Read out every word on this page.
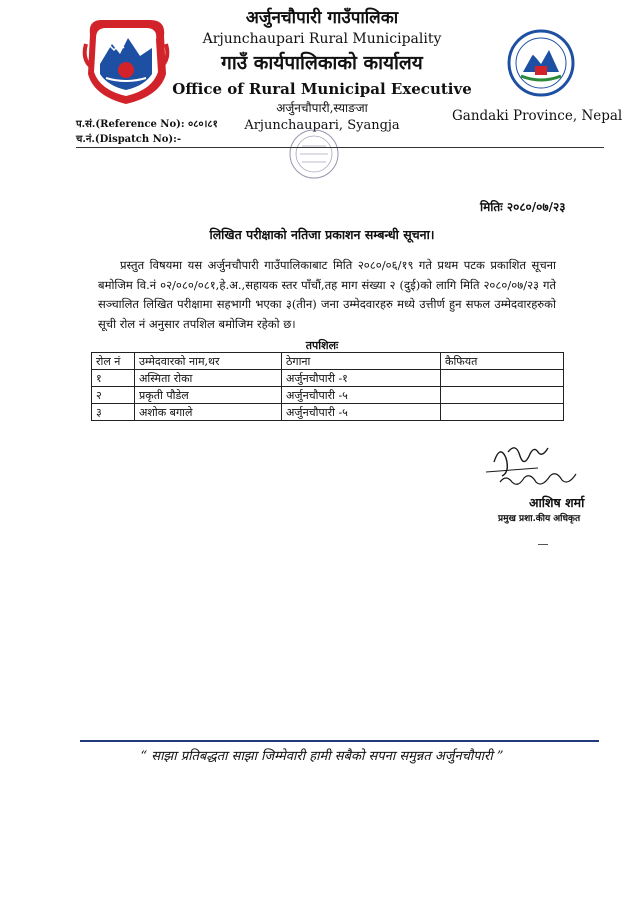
अर्जुनचौपारी गाउँपालिका
Arjunchaupari Rural Municipality
गाउँ कार्यपालिकाको कार्यालय
Office of Rural Municipal Executive
अर्जुनचौपारी,स्याङजा
Arjunchaupari, Syangja
Gandaki Province, Nepal
प.सं.(Reference No): ०८०।८१
च.नं.(Dispatch No):-
मितिः २०८०/०७/२३
लिखित परीक्षाको नतिजा प्रकाशन सम्बन्धी सूचना।
प्रस्तुत विषयमा यस अर्जुनचौपारी गाउँपालिकाबाट मिति २०८०/०६/१९ गते प्रथम पटक प्रकाशित सूचना बमोजिम वि.नं ०२/०८०/०८१,हे.अ.,सहायक स्तर पाँचौं,तह माग संख्या २ (दुई)को लागि मिति २०८०/०७/२३ गते सञ्चालित लिखित परीक्षामा सहभागी भएका ३(तीन) जना उम्मेदवारहरु मध्ये उत्तीर्ण हुन सफल उम्मेदवारहरुको सूची रोल नं अनुसार तपशिल बमोजिम रहेको छ।
तपशिलः
रोल नं	उम्मेदवारको नाम,थर	ठेगाना	कैफियत
१	अस्मिता रोका	अर्जुनचौपारी -१	
२	प्रकृती पौडेल	अर्जुनचौपारी -५	
३	अशोक बगाले	अर्जुनचौपारी -५	
आशिष शर्मा
प्रमुख प्रशा.कीय अधिकृत
“ साझा प्रतिबद्धता साझा जिम्मेवारी हामी सबैको सपना समुन्नत अर्जुनचौपारी ”
